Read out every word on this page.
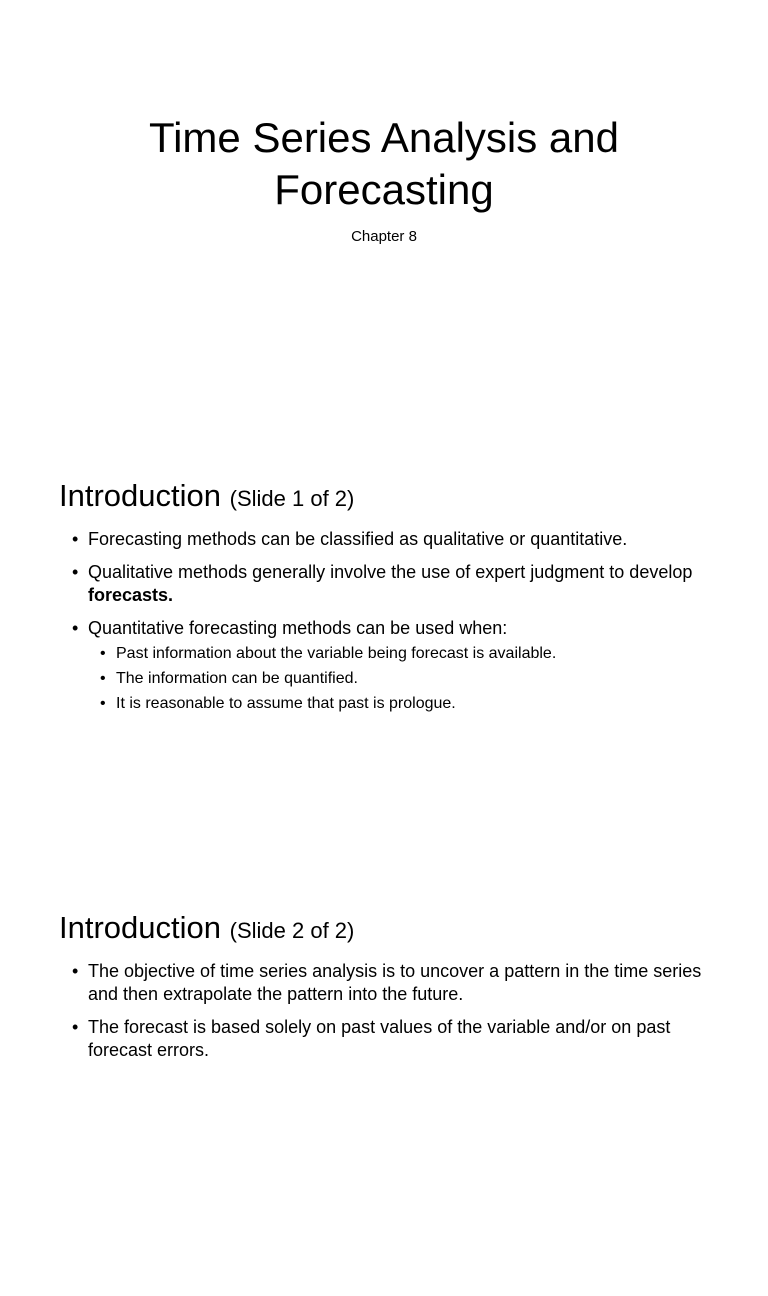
Time Series Analysis and
Forecasting

Chapter 8

Introduction (Slide 1 of 2)
• Forecasting methods can be classified as qualitative or quantitative.
• Qualitative methods generally involve the use of expert judgment to develop forecasts.
• Quantitative forecasting methods can be used when:
• Past information about the variable being forecast is available.
• The information can be quantified.
• It is reasonable to assume that past is prologue.
Introduction (Slide 2 of 2)
• The objective of time series analysis is to uncover a pattern in the time series and then extrapolate the pattern into the future.
• The forecast is based solely on past values of the variable and/or on past forecast errors.
